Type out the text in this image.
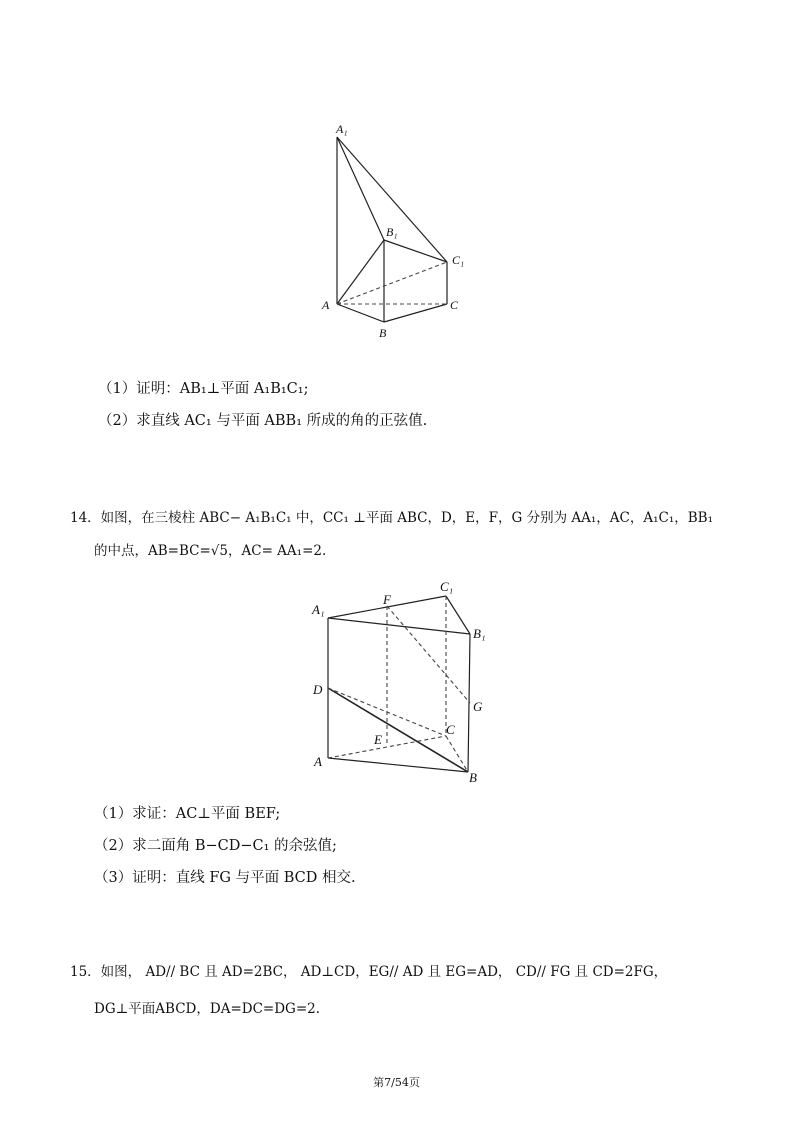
A₁
B₁
C₁
A	C
B
A₁
C₁
B₁
F
D
G
C
E
A
B
（1）证明：AB₁⊥平面 A₁B₁C₁;
（2）求直线 AC₁ 与平面 ABB₁ 所成的角的正弦值.
14．如图，在三棱柱 ABC− A₁B₁C₁ 中，CC₁ ⊥平面 ABC，D，E，F，G 分别为 AA₁，AC，A₁C₁，BB₁
的中点，AB=BC=√5，AC= AA₁=2.
（1）求证：AC⊥平面 BEF;
（2）求二面角 B−CD−C₁ 的余弦值;
（3）证明：直线 FG 与平面 BCD 相交.
15．如图， AD// BC 且 AD=2BC， AD⊥CD，EG// AD 且 EG=AD， CD// FG 且 CD=2FG，
DG⊥平面ABCD，DA=DC=DG=2.
第7/54页
